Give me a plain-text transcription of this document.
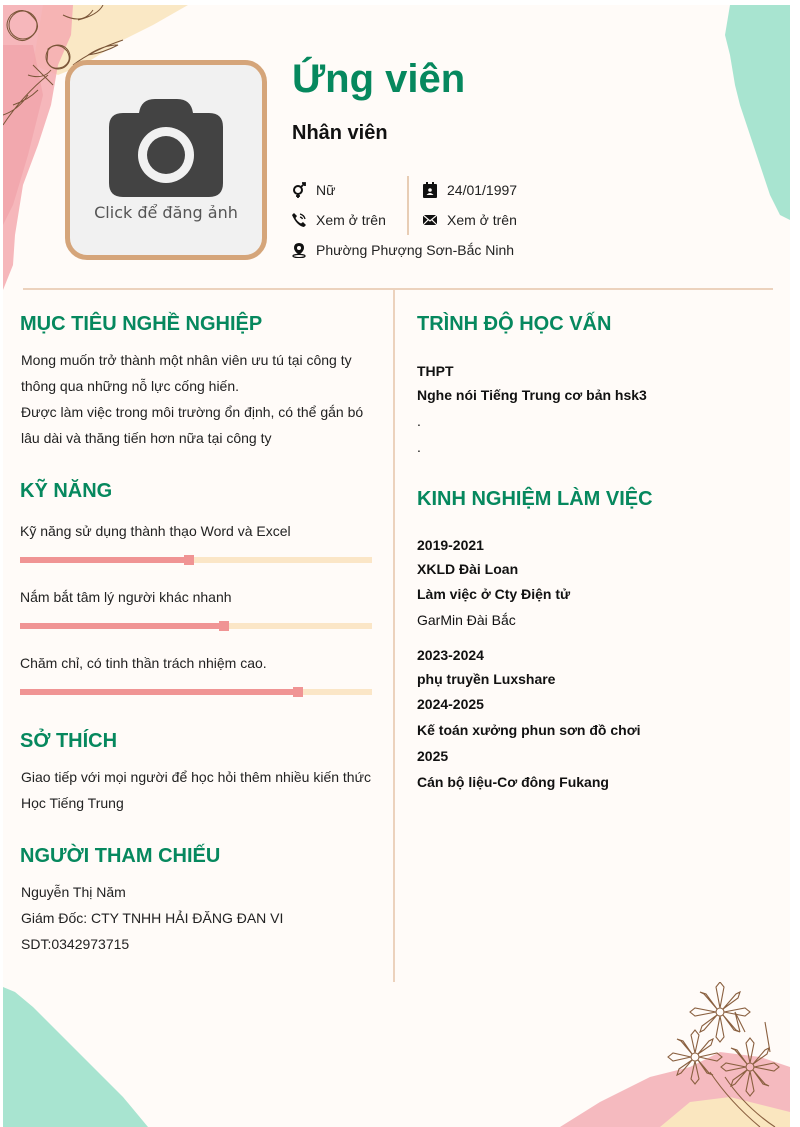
Click để đăng ảnh
Ứng viên
Nhân viên
Nữ
Xem ở trên
Phường Phượng Sơn-Bắc Ninh
24/01/1997
Xem ở trên
MỤC TIÊU NGHỀ NGHIỆP
Mong muốn trở thành một nhân viên ưu tú tại công ty
thông qua những nỗ lực cống hiến.
Được làm việc trong môi trường ổn định, có thể gắn bó
lâu dài và thăng tiến hơn nữa tại công ty
KỸ NĂNG
Kỹ năng sử dụng thành thạo Word và Excel
Nắm bắt tâm lý người khác nhanh
Chăm chỉ, có tinh thần trách nhiệm cao.
SỞ THÍCH
Giao tiếp với mọi người để học hỏi thêm nhiều kiến thức
Học Tiếng Trung
NGƯỜI THAM CHIẾU
Nguyễn Thị Năm
Giám Đốc: CTY TNHH HẢI ĐĂNG ĐAN VI
SDT:0342973715
TRÌNH ĐỘ HỌC VẤN
THPT
Nghe nói Tiếng Trung cơ bản hsk3
.
.
KINH NGHIỆM LÀM VIỆC
2019-2021
XKLD Đài Loan
Làm việc ở Cty Điện tử
GarMin Đài Bắc
2023-2024
phụ truyền Luxshare
2024-2025
Kế toán xưởng phun sơn đồ chơi
2025
Cán bộ liệu-Cơ đông Fukang
